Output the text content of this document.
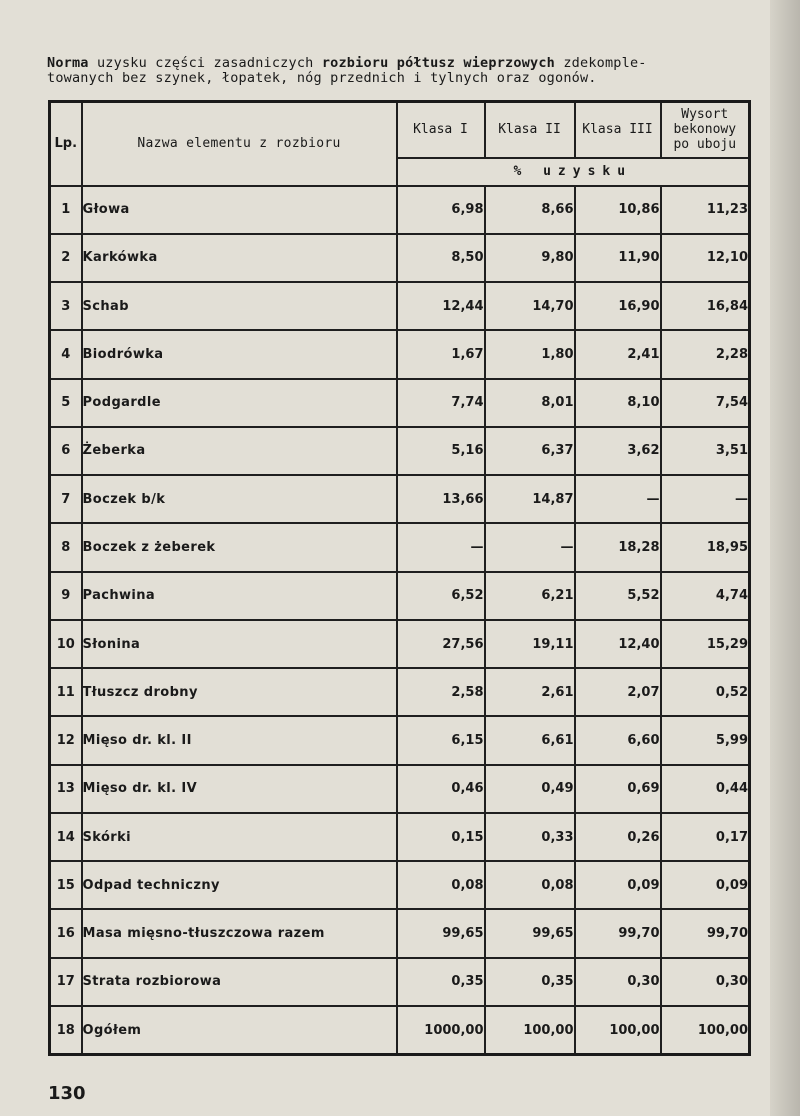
Norma uzysku części zasadniczych rozbioru półtusz wieprzowych zdekomple-
towanych bez szynek, łopatek, nóg przednich i tylnych oraz ogonów.
Lp.	Nazwa elementu z rozbioru	Klasa I	Klasa II	Klasa III	Wysort
bekonowy
po uboju
		% uzysku			
1	Głowa	6,98	8,66	10,86	11,23
2	Karkówka	8,50	9,80	11,90	12,10
3	Schab	12,44	14,70	16,90	16,84
4	Biodrówka	1,67	1,80	2,41	2,28
5	Podgardle	7,74	8,01	8,10	7,54
6	Żeberka	5,16	6,37	3,62	3,51
7	Boczek b/k	13,66	14,87	—	—
8	Boczek z żeberek	—	—	18,28	18,95
9	Pachwina	6,52	6,21	5,52	4,74
10	Słonina	27,56	19,11	12,40	15,29
11	Tłuszcz drobny	2,58	2,61	2,07	0,52
12	Mięso dr. kl. II	6,15	6,61	6,60	5,99
13	Mięso dr. kl. IV	0,46	0,49	0,69	0,44
14	Skórki	0,15	0,33	0,26	0,17
15	Odpad techniczny	0,08	0,08	0,09	0,09
16	Masa mięsno-tłuszczowa razem	99,65	99,65	99,70	99,70
17	Strata rozbiorowa	0,35	0,35	0,30	0,30
18	Ogółem	1000,00	100,00	100,00	100,00
130
